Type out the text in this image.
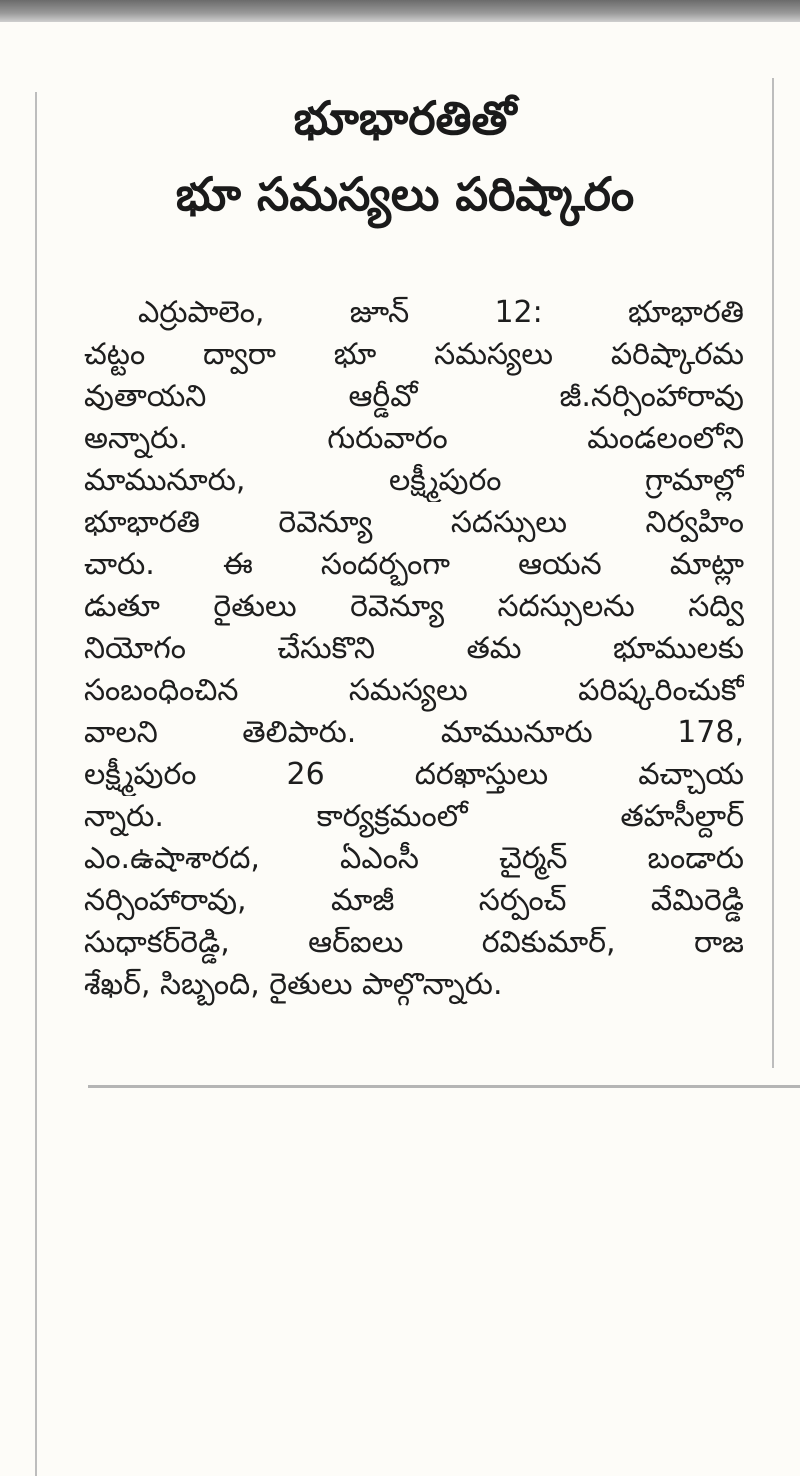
భూభారతితో
భూ సమస్యలు పరిష్కారం

ఎర్రుపాలెం, జూన్ 12: భూభారతి
చట్టం ద్వారా భూ సమస్యలు పరిష్కారమ
వుతాయని ఆర్డీవో జీ.నర్సింహారావు
అన్నారు. గురువారం మండలంలోని
మామునూరు, లక్ష్మీపురం గ్రామాల్లో
భూభారతి రెవెన్యూ సదస్సులు నిర్వహిం
చారు. ఈ సందర్భంగా ఆయన మాట్లా
డుతూ రైతులు రెవెన్యూ సదస్సులను సద్వి
నియోగం చేసుకొని తమ భూములకు
సంబంధించిన సమస్యలు పరిష్కరించుకో
వాలని తెలిపారు. మామునూరు 178,
లక్ష్మీపురం 26 దరఖాస్తులు వచ్చాయ
న్నారు. కార్యక్రమంలో తహసీల్దార్
ఎం.ఉషాశారద, ఏఎంసీ చైర్మన్ బండారు
నర్సింహారావు, మాజీ సర్పంచ్ వేమిరెడ్డి
సుధాకర్‌రెడ్డి, ఆర్‌ఐలు రవికుమార్, రాజ
శేఖర్, సిబ్బంది, రైతులు పాల్గొన్నారు.
